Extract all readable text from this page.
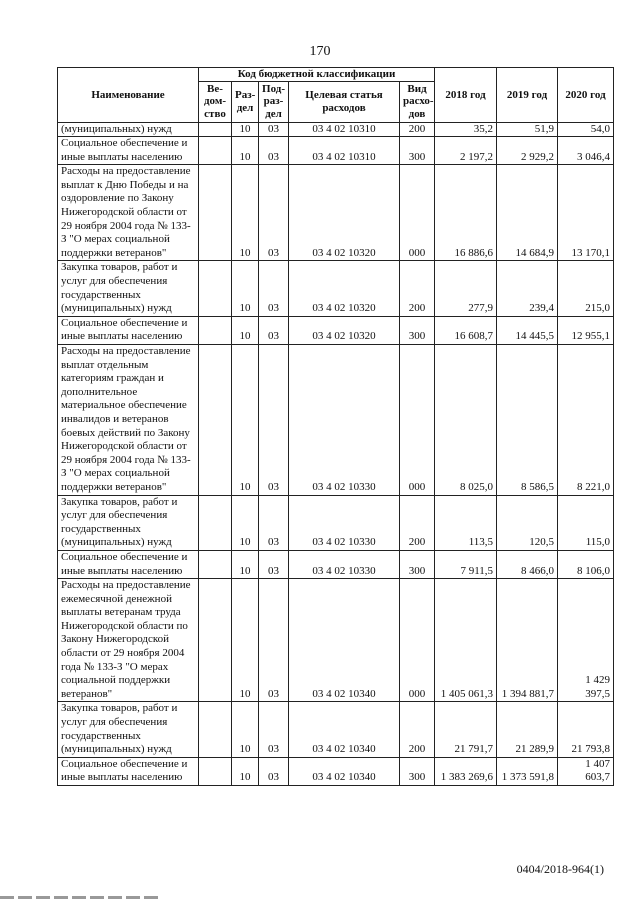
170
Наименование	Код бюджетной классификации					2018 год	2019 год	2020 год
	Ве-дом-ство	Раз-дел	Под-раз-дел	Целевая статья расходов	Вид расхо-дов			
(муниципальных) нужд		10	03	03 4 02 10310	200	35,2	51,9	54,0
Социальное обеспечение и иные выплаты населению		10	03	03 4 02 10310	300	2 197,2	2 929,2	3 046,4
Расходы на предоставление выплат к Дню Победы и на оздоровление по Закону Нижегородской области от 29 ноября 2004 года № 133-З "О мерах социальной поддержки ветеранов"		10	03	03 4 02 10320	000	16 886,6	14 684,9	13 170,1
Закупка товаров, работ и услуг для обеспечения государственных (муниципальных) нужд		10	03	03 4 02 10320	200	277,9	239,4	215,0
Социальное обеспечение и иные выплаты населению		10	03	03 4 02 10320	300	16 608,7	14 445,5	12 955,1
Расходы на предоставление выплат отдельным категориям граждан и дополнительное материальное обеспечение инвалидов и ветеранов боевых действий по Закону Нижегородской области от 29 ноября 2004 года № 133-З "О мерах социальной поддержки ветеранов"		10	03	03 4 02 10330	000	8 025,0	8 586,5	8 221,0
Закупка товаров, работ и услуг для обеспечения государственных (муниципальных) нужд		10	03	03 4 02 10330	200	113,5	120,5	115,0
Социальное обеспечение и иные выплаты населению		10	03	03 4 02 10330	300	7 911,5	8 466,0	8 106,0
Расходы на предоставление ежемесячной денежной выплаты ветеранам труда Нижегородской области по Закону Нижегородской области от 29 ноября 2004 года № 133-З "О мерах социальной поддержки ветеранов"		10	03	03 4 02 10340	000	1 405 061,3	1 394 881,7	1 429 397,5
Закупка товаров, работ и услуг для обеспечения государственных (муниципальных) нужд		10	03	03 4 02 10340	200	21 791,7	21 289,9	21 793,8
Социальное обеспечение и иные выплаты населению		10	03	03 4 02 10340	300	1 383 269,6	1 373 591,8	1 407 603,7
0404/2018-964(1)
